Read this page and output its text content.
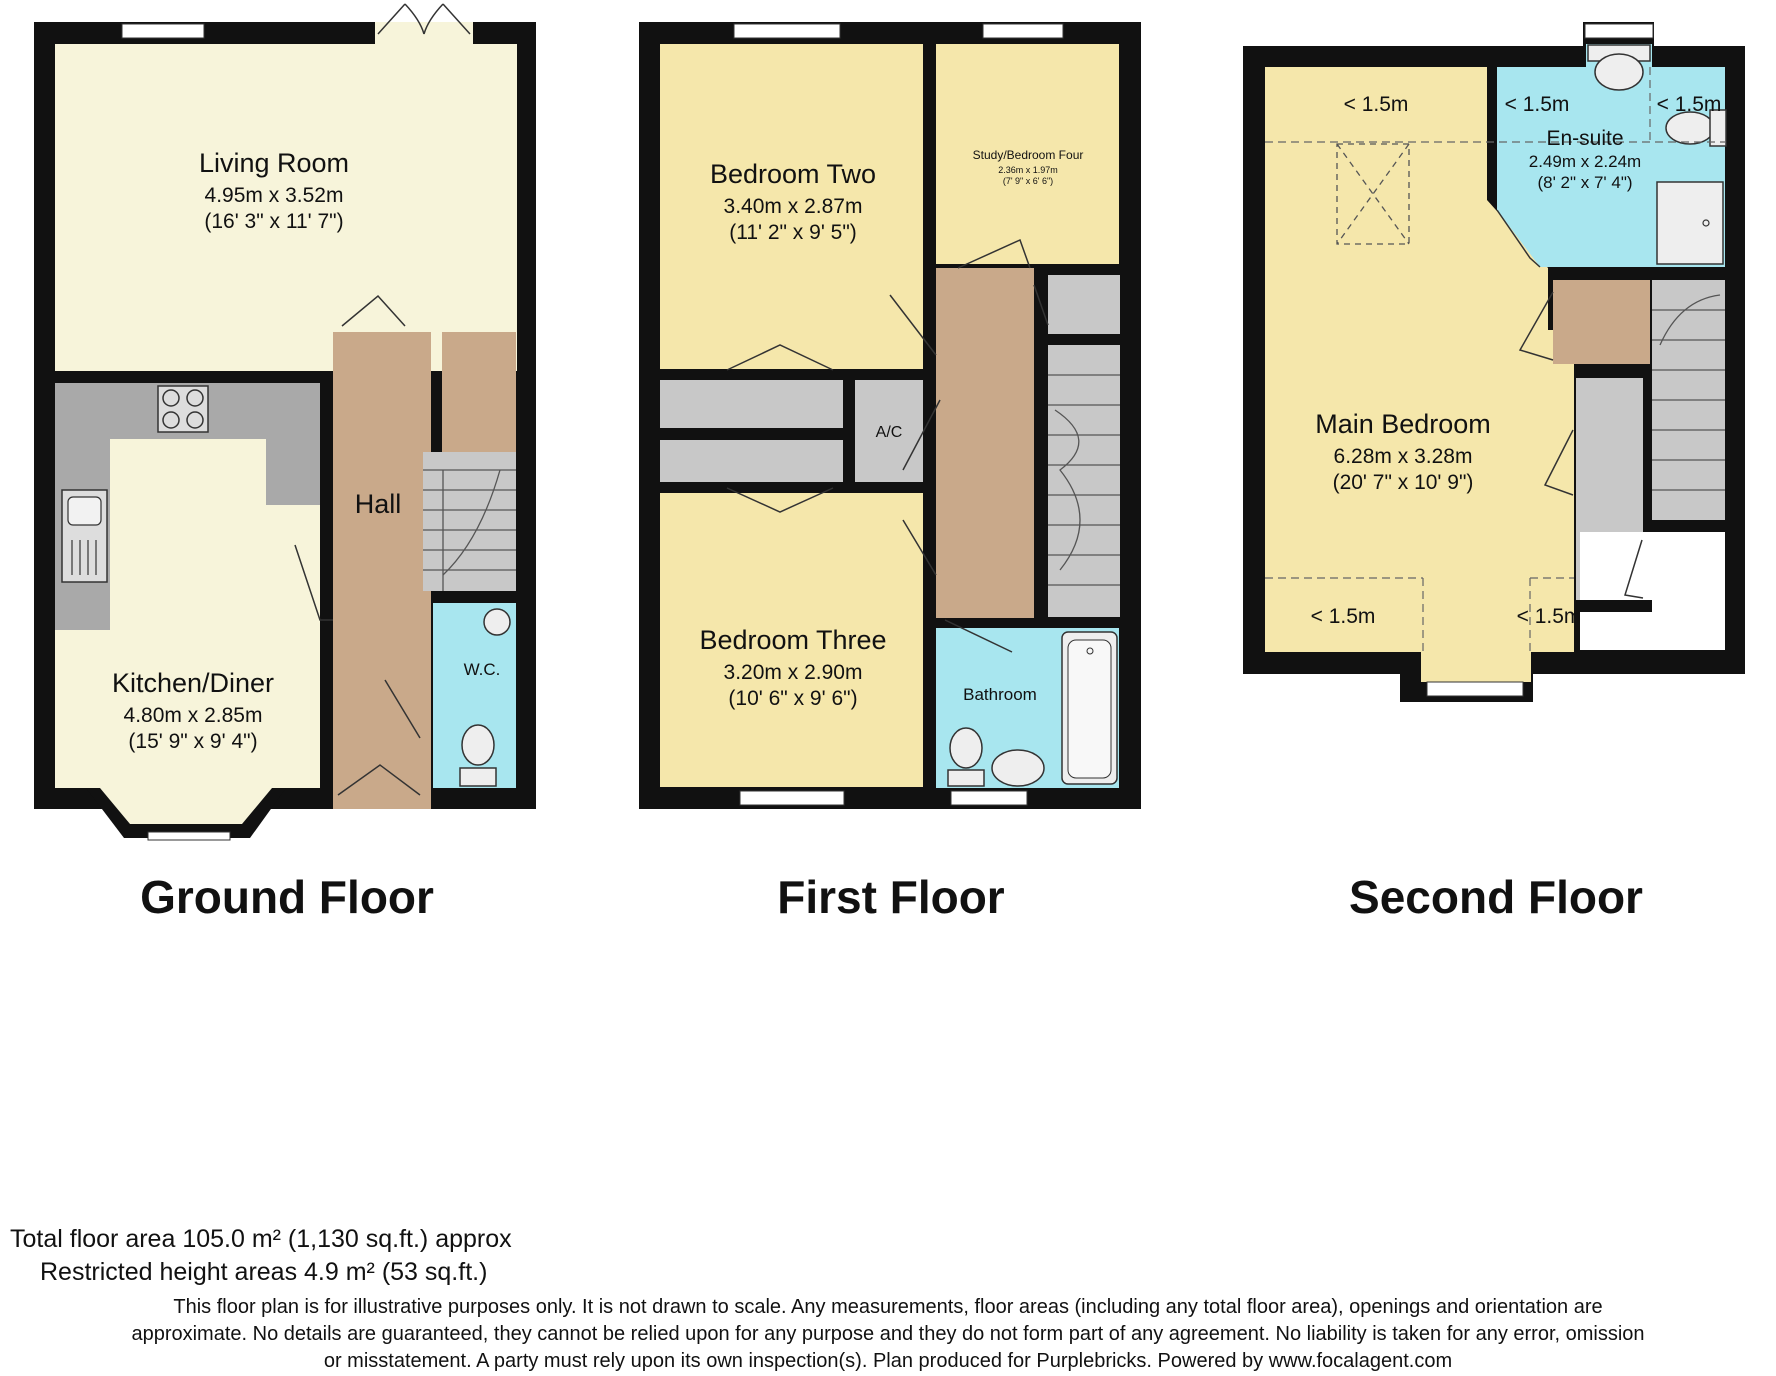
Living Room
4.95m x 3.52m
(16' 3" x 11' 7")
Kitchen/Diner
4.80m x 2.85m
(15' 9" x 9' 4")
Hall
W.C.
Bedroom Two
3.40m x 2.87m
(11' 2" x 9' 5")
Study/Bedroom Four
2.36m x 1.97m
(7' 9" x 6' 6")
Bedroom Three
3.20m x 2.90m
(10' 6" x 9' 6")
A/C
Bathroom
Main Bedroom
6.28m x 3.28m
(20' 7" x 10' 9")
En-suite
2.49m x 2.24m
(8' 2" x 7' 4")
< 1.5m	< 1.5m	< 1.5m
< 1.5m	< 1.5m
Ground Floor	First Floor	Second Floor
Total floor area 105.0 m² (1,130 sq.ft.) approx
Restricted height areas 4.9 m² (53 sq.ft.)
This floor plan is for illustrative purposes only. It is not drawn to scale. Any measurements, floor areas (including any total floor area), openings and orientation are
approximate. No details are guaranteed, they cannot be relied upon for any purpose and they do not form part of any agreement. No liability is taken for any error, omission
or misstatement. A party must rely upon its own inspection(s). Plan produced for Purplebricks. Powered by www.focalagent.com
